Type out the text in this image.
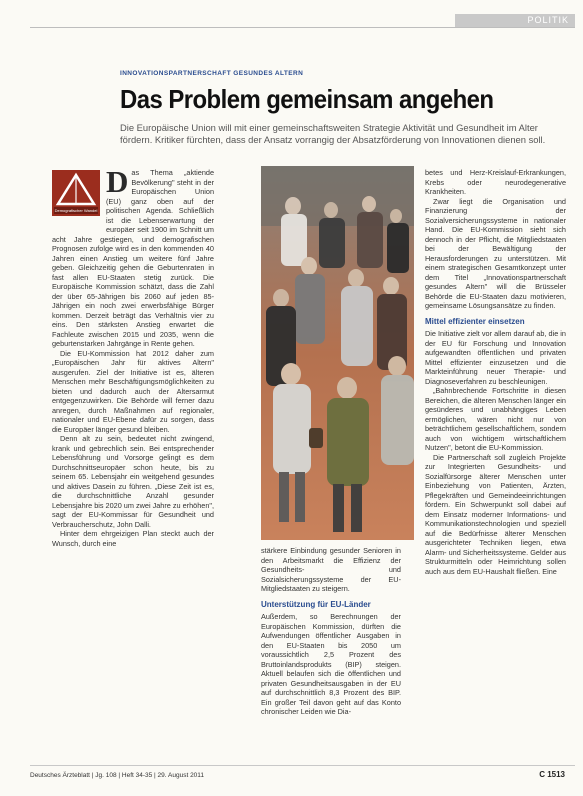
POLITIK
INNOVATIONSPARTNERSCHAFT GESUNDES ALTERN
Das Problem gemeinsam angehen
Die Europäische Union will mit einer gemeinschaftsweiten Strategie Aktivität und Gesundheit im Alter fördern. Kritiker fürchten, dass der Ansatz vorrangig der Absatzförderung von Innovationen dienen soll.
Demografischer Wandel

Das Thema „aktiende Bevölkerung" steht in der Europäischen Union (EU) ganz oben auf der politischen Agenda. Schließlich ist die Lebenserwartung der europäer seit 1900 im Schnitt um acht Jahre gestiegen, und demografischen Prognosen zufolge wird es in den kommenden 40 Jahren einen Anstieg um weitere fünf Jahre geben. Gleichzeitig gehen die Geburtenraten in fast allen EU-Staaten stetig zurück. Die Europäische Kommission schätzt, dass die Zahl der über 65-Jährigen bis 2060 auf jeden 85-Jährigen ein noch zwei erwerbsfähige Bürger kommen. Derzeit beträgt das Verhältnis vier zu eins. Den stärksten Anstieg erwartet die Fachleute zwischen 2015 und 2035, wenn die geburtenstarken Jahrgänge in Rente gehen.

Die EU-Kommission hat 2012 daher zum „Europäischen Jahr für aktives Altern" ausgerufen. Ziel der Initiative ist es, älteren Menschen mehr Beschäftigungsmöglichkeiten zu bieten und dadurch auch der Altersarmut entgegenzuwirken. Die Behörde will ferner dazu anregen, durch Maßnahmen auf regionaler, nationaler und EU-Ebene dafür zu sorgen, dass die Europäer länger gesund bleiben.

Denn alt zu sein, bedeutet nicht zwingend, krank und gebrechlich sein. Bei entsprechender Lebensführung und Vorsorge gelingt es dem Durchschnittseuropäer schon heute, bis zu seinem 65. Lebensjahr ein weitgehend gesundes und aktives Dasein zu führen. „Diese Zeit ist es, die durchschnittliche Anzahl gesunder Lebensjahre bis 2020 um zwei Jahre zu erhöhen", sagt der EU-Kommissar für Gesundheit und Verbraucherschutz, John Dalli.

Hinter dem ehrgeizigen Plan steckt auch der Wunsch, durch eine

stärkere Einbindung gesunder Senioren in den Arbeitsmarkt die Effizienz der Gesundheits- und Sozialsicherungssysteme der EU-Mitgliedstaaten zu steigern.

Unterstützung für EU-Länder

Außerdem, so Berechnungen der Europäischen Kommission, dürften die Aufwendungen öffentlicher Ausgaben in den EU-Staaten bis 2050 um voraussichtlich 2,5 Prozent des Bruttoinlandsprodukts (BIP) steigen. Aktuell belaufen sich die öffentlichen und privaten Gesundheitsausgaben in der EU auf durchschnittlich 8,3 Prozent des BIP. Ein großer Teil davon geht auf das Konto chronischer Leiden wie Dia-

betes und Herz-Kreislauf-Erkrankungen, Krebs oder neurodegenerative Krankheiten.

Zwar liegt die Organisation und Finanzierung der Sozialversicherungssysteme in nationaler Hand. Die EU-Kommission sieht sich dennoch in der Pflicht, die Mitgliedstaaten bei der Bewältigung der Herausforderungen zu unterstützen. Mit einem strategischen Gesamtkonzept unter dem Titel „Innovationspartnerschaft gesundes Altern" will die Brüsseler Behörde die EU-Staaten dazu motivieren, gemeinsame Lösungsansätze zu finden.

Mittel effizienter einsetzen

Die Initiative zielt vor allem darauf ab, die in der EU für Forschung und Innovation aufgewandten öffentlichen und privaten Mittel effizienter einzusetzen und die Markteinführung neuer Therapie- und Diagnoseverfahren zu beschleunigen.

„Bahnbrechende Fortschritte in diesen Bereichen, die älteren Menschen länger ein gesünderes und unabhängiges Leben ermöglichen, wären nicht nur von beträchtlichem gesellschaftlichem, sondern auch von wichtigem wirtschaftlichem Nutzen", betont die EU-Kommission.

Die Partnerschaft soll zugleich Projekte zur Integrierten Gesundheits- und Sozialfürsorge älterer Menschen unter Einbeziehung von Patienten, Ärzten, Pflegekräften und Gemeindeeinrichtungen fördern. Ein Schwerpunkt soll dabei auf dem Einsatz moderner Informations- und Kommunikationstechnologien und speziell auf die Bedürfnisse älterer Menschen ausgerichteter Techniken liegen, etwa Alarm- und Sicherheitssysteme. Gelder aus Strukturmitteln oder Heimrichtung sollen auch aus dem EU-Haushalt fließen. Eine

Deutsches Ärzteblatt | Jg. 108 | Heft 34-35 | 29. August 2011	C 1513
